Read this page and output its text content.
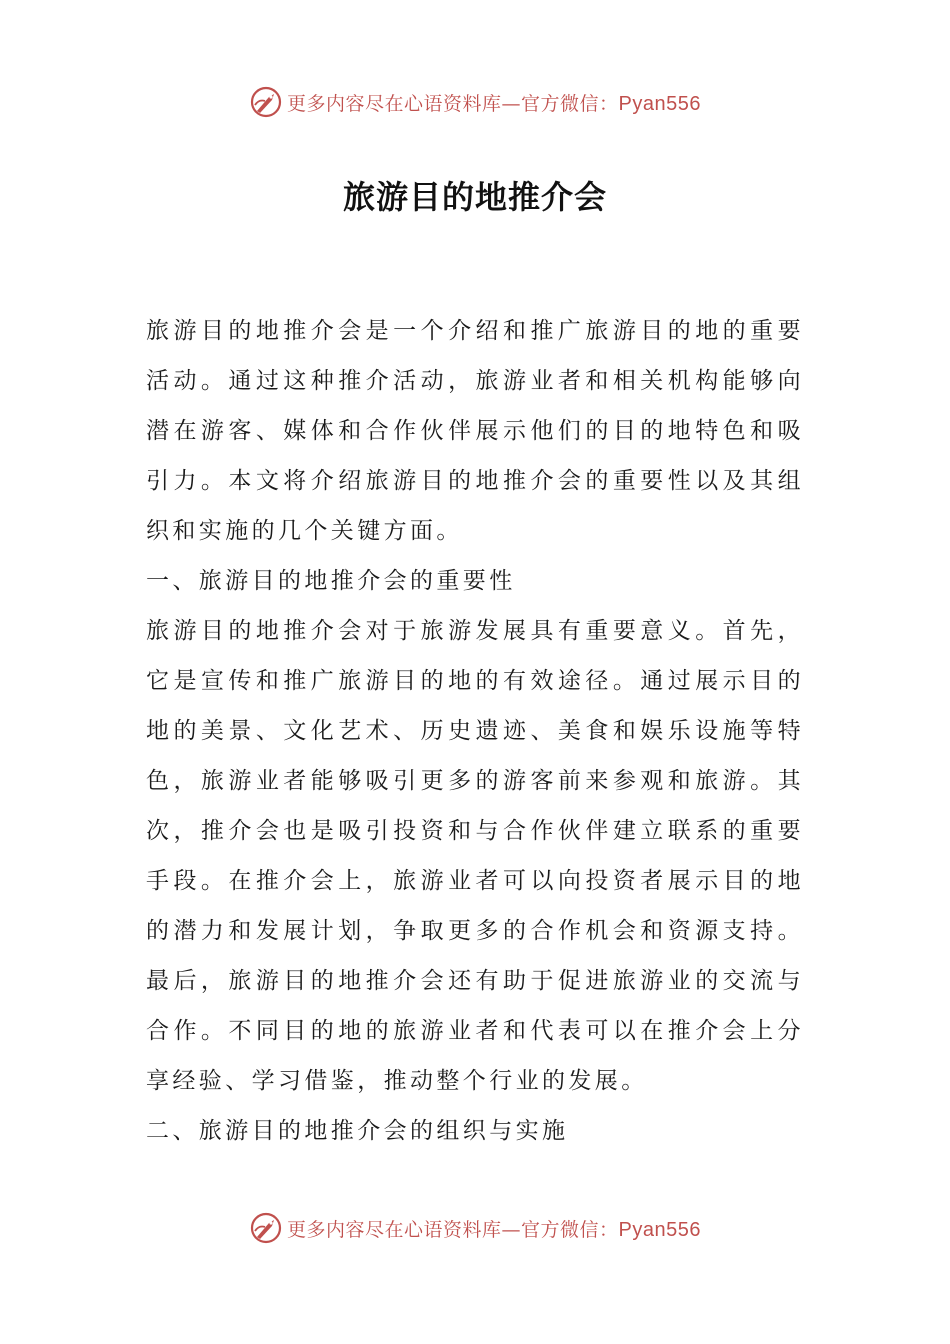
更多内容尽在心语资料库—官方微信：Pyan556
旅游目的地推介会

旅游目的地推介会是一个介绍和推广旅游目的地的重要活动。通过这种推介活动，旅游业者和相关机构能够向潜在游客、媒体和合作伙伴展示他们的目的地特色和吸引力。本文将介绍旅游目的地推介会的重要性以及其组织和实施的几个关键方面。

一、旅游目的地推介会的重要性

旅游目的地推介会对于旅游发展具有重要意义。首先，它是宣传和推广旅游目的地的有效途径。通过展示目的地的美景、文化艺术、历史遗迹、美食和娱乐设施等特色，旅游业者能够吸引更多的游客前来参观和旅游。其次，推介会也是吸引投资和与合作伙伴建立联系的重要手段。在推介会上，旅游业者可以向投资者展示目的地的潜力和发展计划，争取更多的合作机会和资源支持。最后，旅游目的地推介会还有助于促进旅游业的交流与合作。不同目的地的旅游业者和代表可以在推介会上分享经验、学习借鉴，推动整个行业的发展。

二、旅游目的地推介会的组织与实施

更多内容尽在心语资料库—官方微信：Pyan556
